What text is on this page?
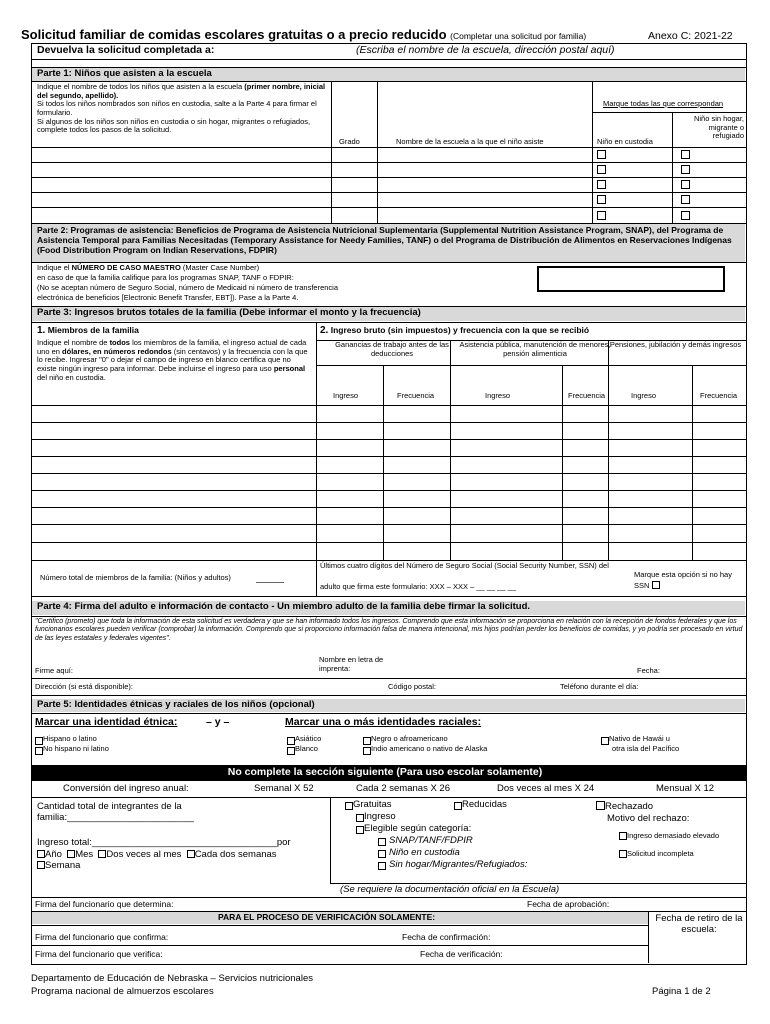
Solicitud familiar de comidas escolares gratuitas o a precio reducido (Completar una solicitud por familia)	Anexo C: 2021-22
Devuelva la solicitud completada a:	(Escriba el nombre de la escuela, dirección postal aquí)
Parte 1: Niños que asisten a la escuela
Indique el nombre de todos los niños que asisten a la escuela (primer nombre, inicial del segundo, apellido).
Si todos los niños nombrados son niños en custodia, salte a la Parte 4 para firmar el formulario.
Si algunos de los niños son niños en custodia o sin hogar, migrantes o refugiados, complete todos los pasos de la solicitud.
Grado	Nombre de la escuela a la que el niño asiste
Marque todas las que correspondan
Niño en custodia
Niño sin hogar, migrante o refugiado
Parte 2: Programas de asistencia: Beneficios de Programa de Asistencia Nutricional Suplementaria (Supplemental Nutrition Assistance Program, SNAP), del Programa de Asistencia Temporal para Familias Necesitadas (Temporary Assistance for Needy Families, TANF) o del Programa de Distribución de Alimentos en Reservaciones Indígenas (Food Distribution Program on Indian Reservations, FDPIR)
Indique el NÚMERO DE CASO MAESTRO (Master Case Number)
en caso de que la familia califique para los programas SNAP, TANF o FDPIR:
(No se aceptan número de Seguro Social, número de Medicaid ni número de transferencia
electrónica de beneficios [Electronic Benefit Transfer, EBT]). Pase a la Parte 4.
Parte 3: Ingresos brutos totales de la familia (Debe informar el monto y la frecuencia)
1. Miembros de la familia
Indique el nombre de todos los miembros de la familia, el ingreso actual de cada uno en dólares, en números redondos (sin centavos) y la frecuencia con la que lo recibe. Ingresar "0" o dejar el campo de ingreso en blanco certifica que no existe ningún ingreso para informar. Debe incluirse el ingreso para uso personal del niño en custodia.
2. Ingreso bruto (sin impuestos) y frecuencia con la que se recibió
Ganancias de trabajo antes de las deducciones
Asistencia pública, manutención de menores, pensión alimenticia
Pensiones, jubilación y demás ingresos
Ingreso	Frecuencia	Ingreso	Frecuencia	Ingreso	Frecuencia
Número total de miembros de la familia: (Niños y adultos)
Últimos cuatro dígitos del Número de Seguro Social (Social Security Number, SSN) del
adulto que firma este formulario: XXX – XXX – __ __ __ __
Marque esta opción si no hay SSN
Parte 4: Firma del adulto e información de contacto - Un miembro adulto de la familia debe firmar la solicitud.
"Certifico (prometo) que toda la información de esta solicitud es verdadera y que se han informado todos los ingresos. Comprendo que esta información se proporciona en relación con la recepción de fondos federales y que los funcionarios escolares pueden verificar (comprobar) la información. Comprendo que si proporciono información falsa de manera intencional, mis hijos podrían perder los beneficios de comidas, y yo podría ser procesado en virtud de las leyes estatales y federales vigentes".
Firme aquí:
Nombre en letra de imprenta:	Fecha:
Dirección (si está disponible):	Código postal:	Teléfono durante el día:
Parte 5: Identidades étnicas y raciales de los niños (opcional)
Marcar una identidad étnica:	– y –	Marcar una o más identidades raciales:
Hispano o latino
No hispano ni latino
Asiático
Blanco
Negro o afroamericano
Indio americano o nativo de Alaska
Nativo de Hawái u
otra isla del Pacífico
No complete la sección siguiente (Para uso escolar solamente)
Conversión del ingreso anual:	Semanal X 52	Cada 2 semanas X 26	Dos veces al mes X 24	Mensual X 12
Cantidad total de integrantes de la familia:________________________
Ingreso total:___________________________________por
Año Mes Dos veces al mes Cada dos semanas
Semana
Gratuitas	Reducidas
Ingreso
Elegible según categoría:
SNAP/TANF/FDPIR
Niño en custodia
Sin hogar/Migrantes/Refugiados:
Rechazado
Motivo del rechazo:
Ingreso demasiado elevado
Solicitud incompleta
(Se requiere la documentación oficial en la Escuela)
Firma del funcionario que determina:	Fecha de aprobación:
PARA EL PROCESO DE VERIFICACIÓN SOLAMENTE:	Fecha de retiro de la escuela:
Firma del funcionario que confirma:	Fecha de confirmación:
Firma del funcionario que verifica:	Fecha de verificación:
Departamento de Educación de Nebraska – Servicios nutricionales
Programa nacional de almuerzos escolares	Página 1 de 2
